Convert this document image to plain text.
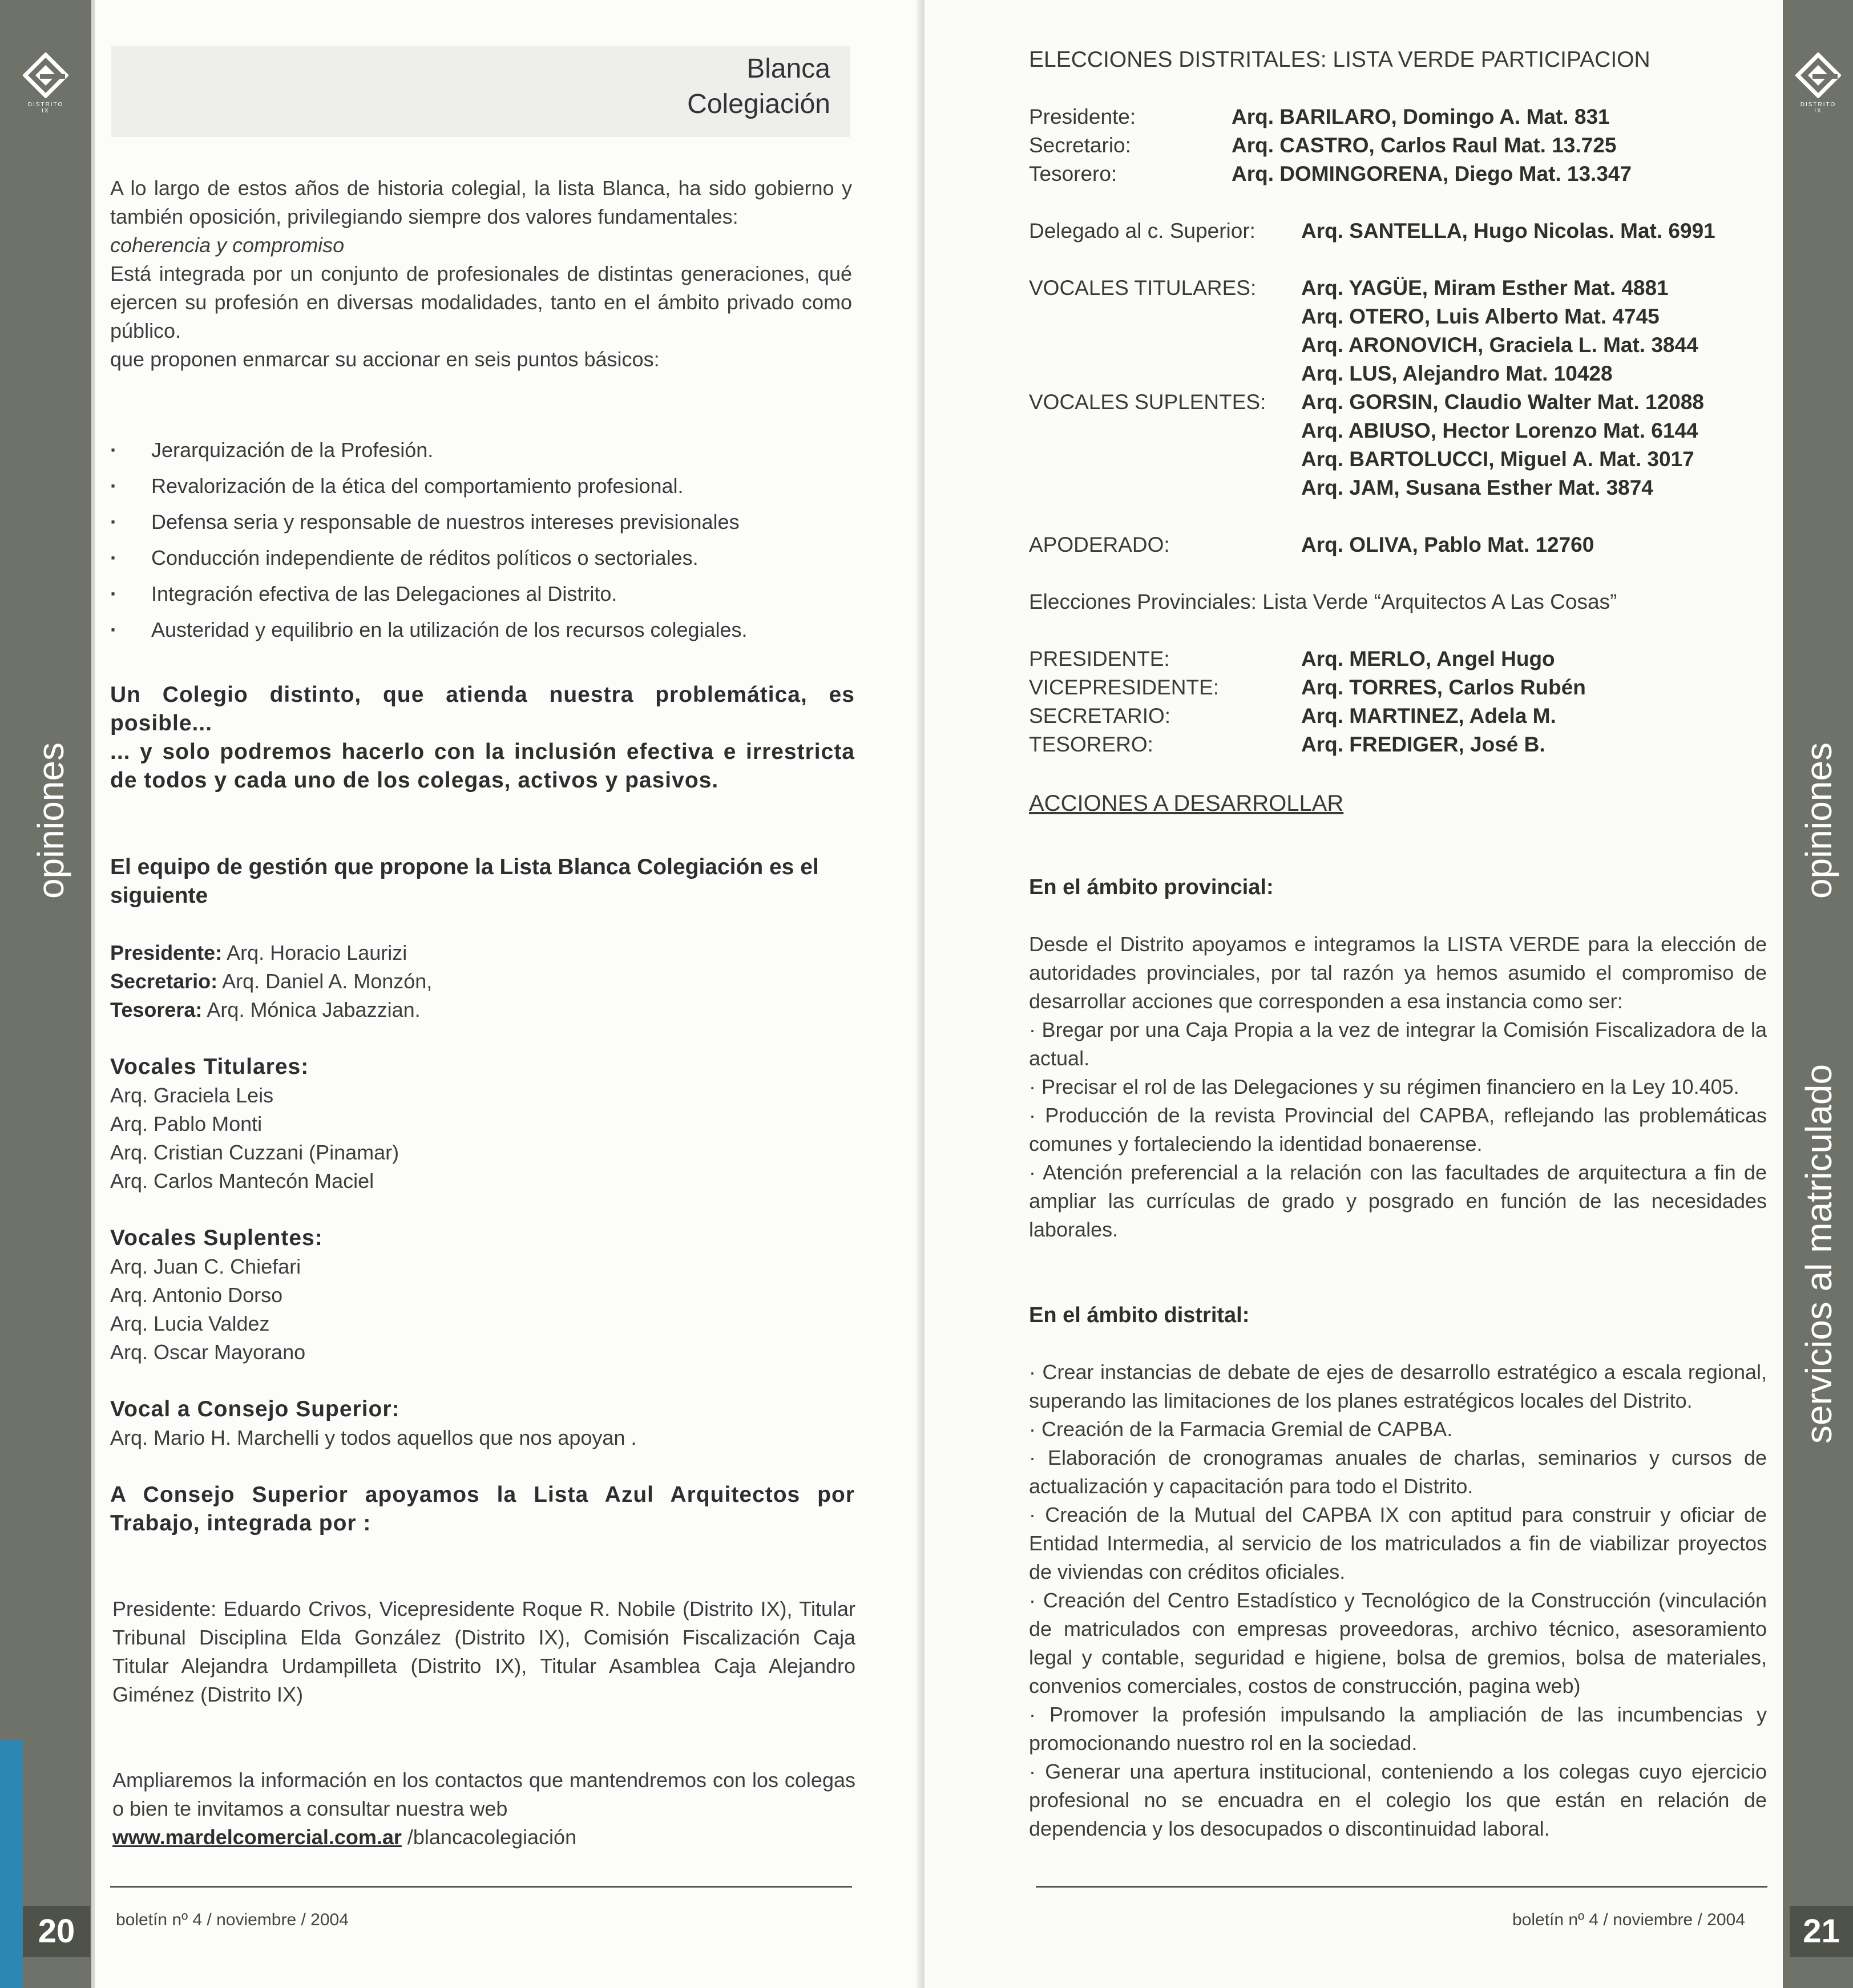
DISTRITO IX
opiniones
20
Blanca
Colegiación
A lo largo de estos años de historia colegial, la lista Blanca, ha sido gobierno y también oposición, privilegiando siempre dos valores fundamentales:
coherencia y compromiso
Está integrada por un conjunto de profesionales de distintas generaciones, qué ejercen su profesión en diversas modalidades, tanto en el ámbito privado como público.
que proponen enmarcar su accionar en seis puntos básicos:
· Jerarquización de la Profesión.
· Revalorización de la ética del comportamiento profesional.
· Defensa seria y responsable de nuestros intereses previsionales
· Conducción independiente de réditos políticos o sectoriales.
· Integración efectiva de las Delegaciones al Distrito.
· Austeridad y equilibrio en la utilización de los recursos colegiales.
Un Colegio distinto, que atienda nuestra problemática, es posible...
... y solo podremos hacerlo con la inclusión efectiva e irrestricta de todos y cada uno de los colegas, activos y pasivos.
El equipo de gestión que propone la Lista Blanca Colegiación es el siguiente
Presidente: Arq. Horacio Laurizi
Secretario: Arq. Daniel A. Monzón,
Tesorera: Arq. Mónica Jabazzian.
Vocales Titulares:
Arq. Graciela Leis
Arq. Pablo Monti
Arq. Cristian Cuzzani (Pinamar)
Arq. Carlos Mantecón Maciel
Vocales Suplentes:
Arq. Juan C. Chiefari
Arq. Antonio Dorso
Arq. Lucia Valdez
Arq. Oscar Mayorano
Vocal a Consejo Superior:
Arq. Mario H. Marchelli y todos aquellos que nos apoyan .
A Consejo Superior apoyamos la Lista Azul Arquitectos por Trabajo, integrada por :
Presidente: Eduardo Crivos, Vicepresidente Roque R. Nobile (Distrito IX), Titular Tribunal Disciplina Elda González (Distrito IX), Comisión Fiscalización Caja Titular Alejandra Urdampilleta (Distrito IX), Titular Asamblea Caja Alejandro Giménez (Distrito IX)
Ampliaremos la información en los contactos que mantendremos con los colegas o bien te invitamos a consultar nuestra web
www.mardelcomercial.com.ar /blancacolegiación
boletín nº 4 / noviembre / 2004
ELECCIONES DISTRITALES: LISTA VERDE PARTICIPACION
Presidente:	Arq. BARILARO, Domingo A. Mat. 831
Secretario:	Arq. CASTRO, Carlos Raul Mat. 13.725
Tesorero:	Arq. DOMINGORENA, Diego Mat. 13.347
Delegado al c. Superior: Arq. SANTELLA, Hugo Nicolas. Mat. 6991
VOCALES TITULARES: Arq. YAGÜE, Miram Esther Mat. 4881
Arq. OTERO, Luis Alberto Mat. 4745
Arq. ARONOVICH, Graciela L. Mat. 3844
Arq. LUS, Alejandro Mat. 10428
VOCALES SUPLENTES: Arq. GORSIN, Claudio Walter Mat. 12088
Arq. ABIUSO, Hector Lorenzo Mat. 6144
Arq. BARTOLUCCI, Miguel A. Mat. 3017
Arq. JAM, Susana Esther Mat. 3874
APODERADO:	Arq. OLIVA, Pablo Mat. 12760
Elecciones Provinciales: Lista Verde “Arquitectos A Las Cosas”
PRESIDENTE:	Arq. MERLO, Angel Hugo
VICEPRESIDENTE:	Arq. TORRES, Carlos Rubén
SECRETARIO:	Arq. MARTINEZ, Adela M.
TESORERO:	Arq. FREDIGER, José B.
ACCIONES A DESARROLLAR

En el ámbito provincial:

Desde el Distrito apoyamos e integramos la LISTA VERDE para la elección de autoridades provinciales, por tal razón ya hemos asumido el compromiso de desarrollar acciones que corresponden a esa instancia como ser:
· Bregar por una Caja Propia a la vez de integrar la Comisión Fiscalizadora de la actual.
· Precisar el rol de las Delegaciones y su régimen financiero en la Ley 10.405.
· Producción de la revista Provincial del CAPBA, reflejando las problemáticas comunes y fortaleciendo la identidad bonaerense.
· Atención preferencial a la relación con las facultades de arquitectura a fin de ampliar las currículas de grado y posgrado en función de las necesidades laborales.

En el ámbito distrital:

· Crear instancias de debate de ejes de desarrollo estratégico a escala regional, superando las limitaciones de los planes estratégicos locales del Distrito.
· Creación de la Farmacia Gremial de CAPBA.
· Elaboración de cronogramas anuales de charlas, seminarios y cursos de actualización y capacitación para todo el Distrito.
· Creación de la Mutual del CAPBA IX con aptitud para construir y oficiar de Entidad Intermedia, al servicio de los matriculados a fin de viabilizar proyectos de viviendas con créditos oficiales.
· Creación del Centro Estadístico y Tecnológico de la Construcción (vinculación de matriculados con empresas proveedoras, archivo técnico, asesoramiento legal y contable, seguridad e higiene, bolsa de gremios, bolsa de materiales, convenios comerciales, costos de construcción, pagina web)
· Promover la profesión impulsando la ampliación de las incumbencias y promocionando nuestro rol en la sociedad.
· Generar una apertura institucional, conteniendo a los colegas cuyo ejercicio profesional no se encuadra en el colegio los que están en relación de dependencia y los desocupados o discontinuidad laboral.

boletín nº 4 / noviembre / 2004
DISTRITO IX
opiniones
servicios al matriculado
21
